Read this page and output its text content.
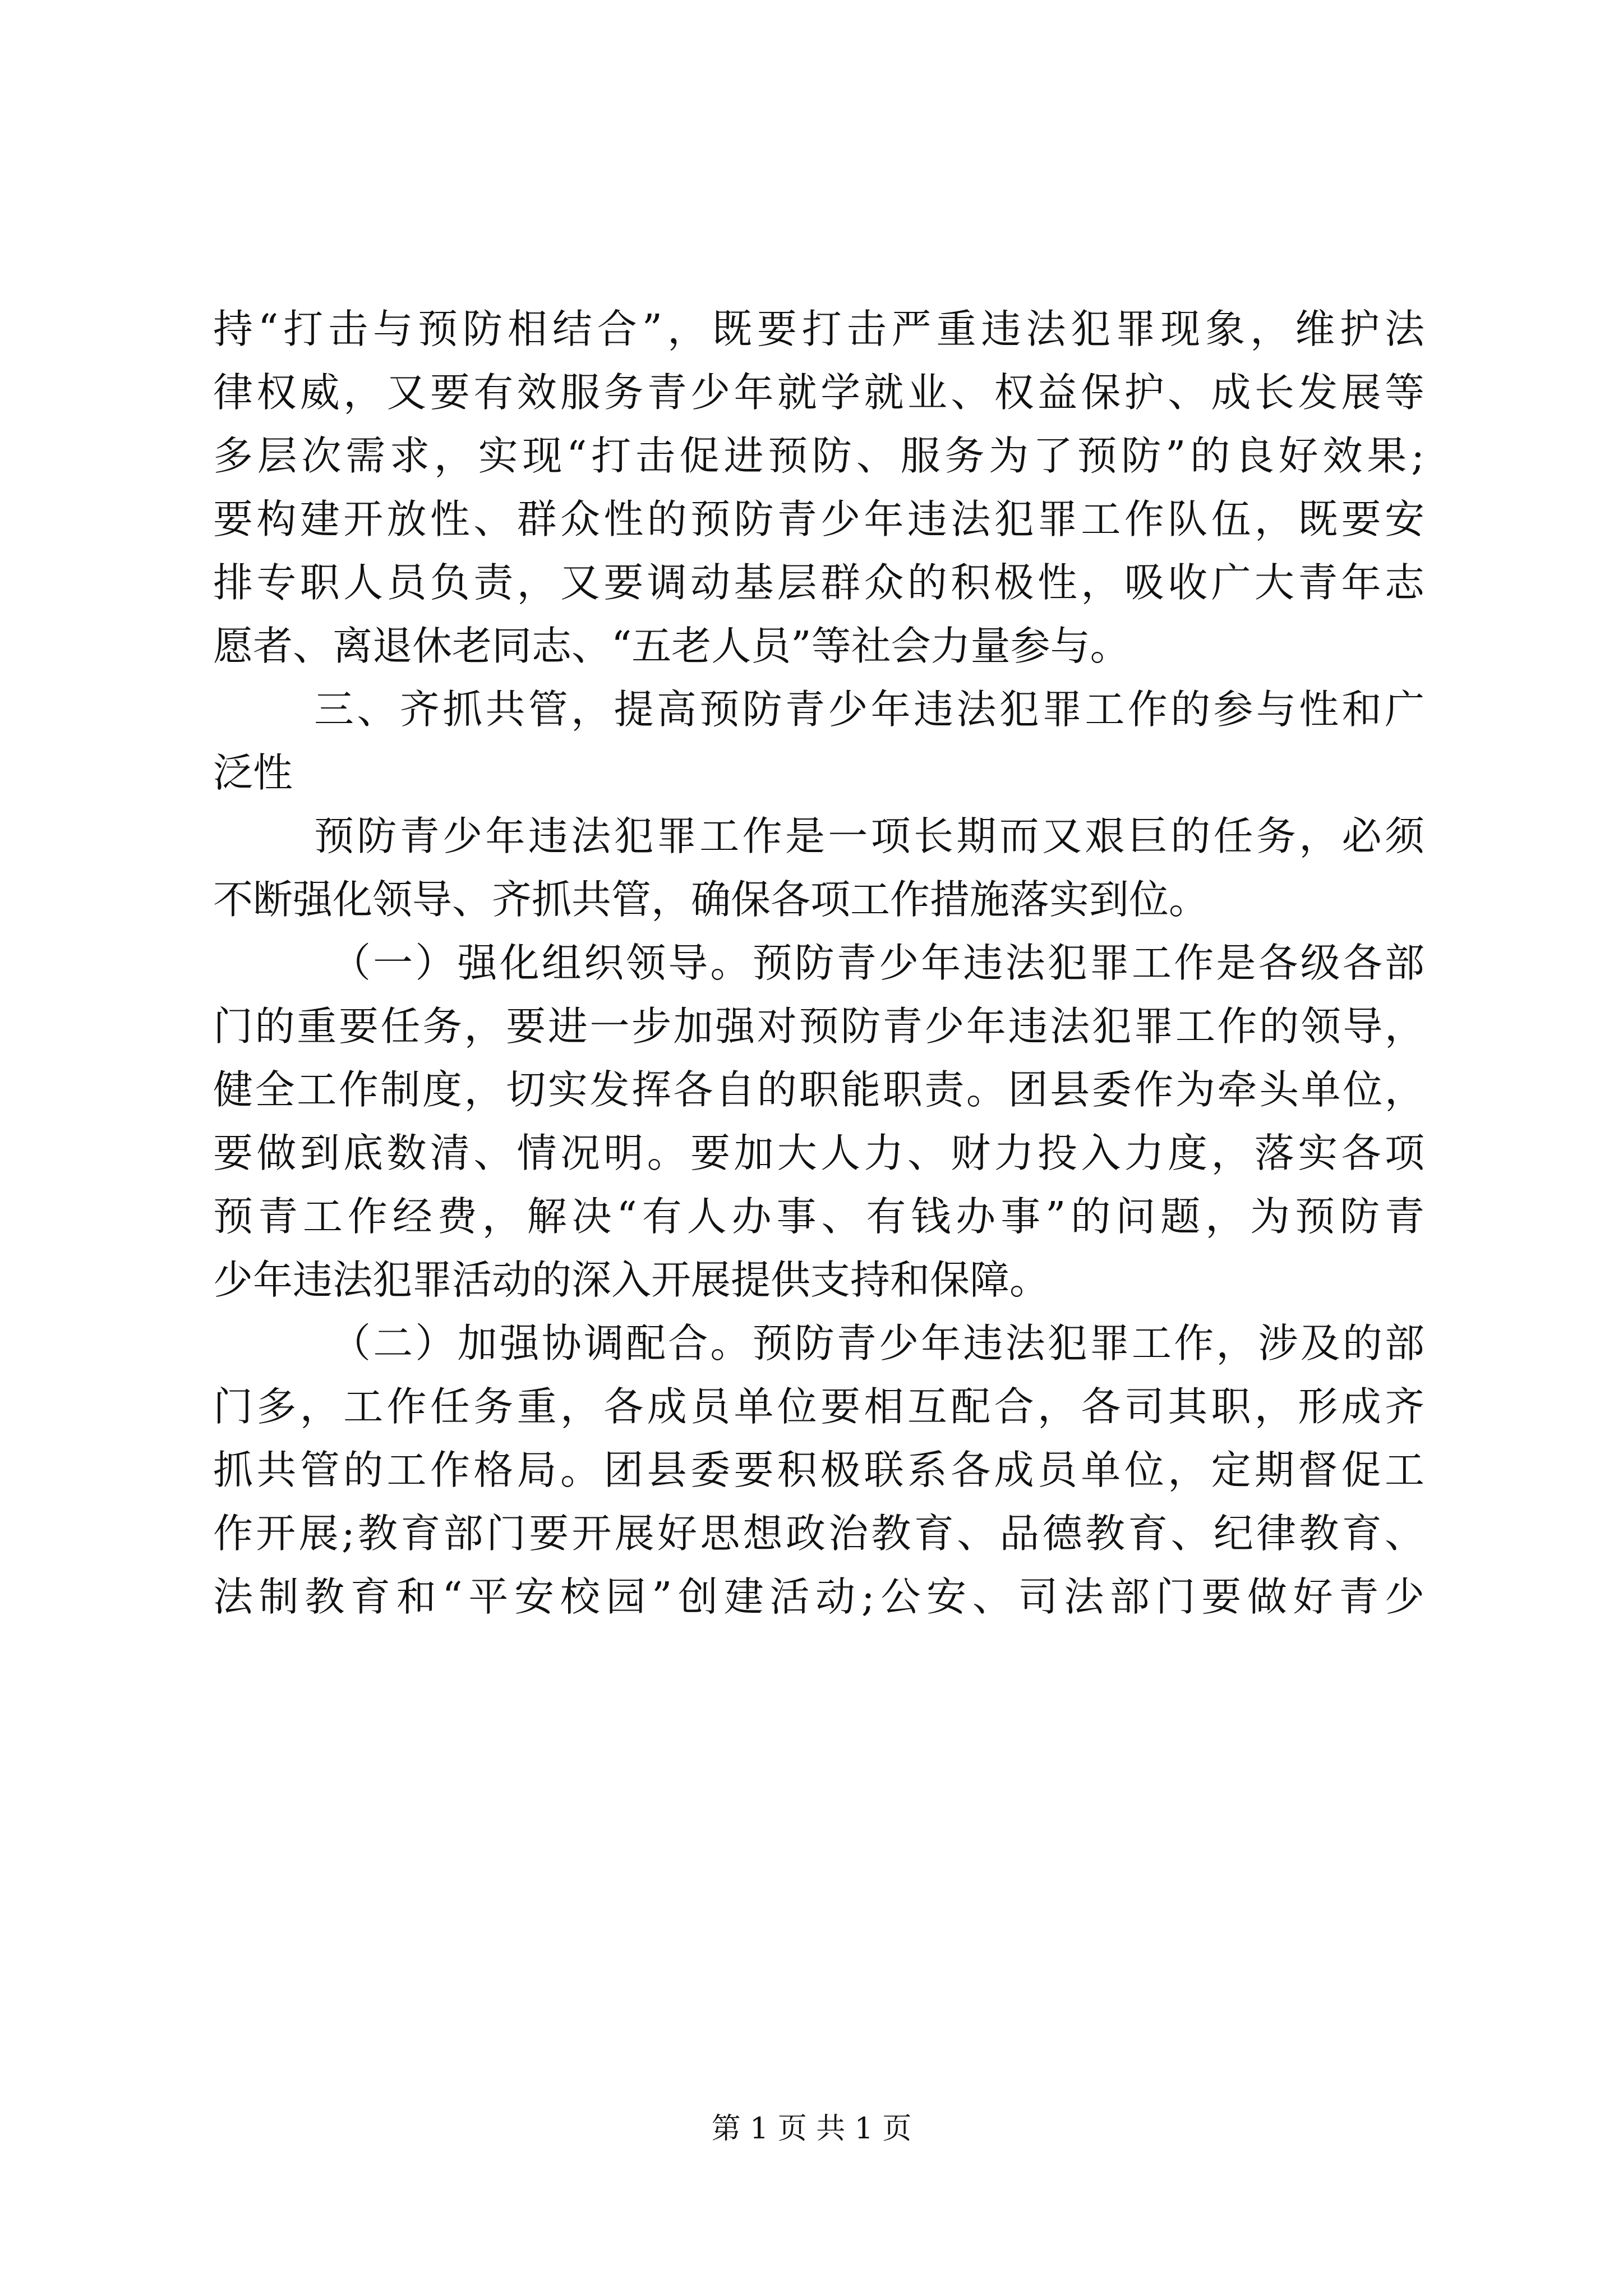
持“打击与预防相结合”，既要打击严重违法犯罪现象，维护法
律权威，又要有效服务青少年就学就业、权益保护、成长发展等
多层次需求，实现“打击促进预防、服务为了预防”的良好效果;
要构建开放性、群众性的预防青少年违法犯罪工作队伍，既要安
排专职人员负责，又要调动基层群众的积极性，吸收广大青年志
愿者、离退休老同志、“五老人员”等社会力量参与。
三、齐抓共管，提高预防青少年违法犯罪工作的参与性和广
泛性
预防青少年违法犯罪工作是一项长期而又艰巨的任务，必须
不断强化领导、齐抓共管，确保各项工作措施落实到位。
（一）强化组织领导。预防青少年违法犯罪工作是各级各部
门的重要任务，要进一步加强对预防青少年违法犯罪工作的领导，
健全工作制度，切实发挥各自的职能职责。团县委作为牵头单位，
要做到底数清、情况明。要加大人力、财力投入力度，落实各项
预青工作经费，解决“有人办事、有钱办事”的问题，为预防青
少年违法犯罪活动的深入开展提供支持和保障。
（二）加强协调配合。预防青少年违法犯罪工作，涉及的部
门多，工作任务重，各成员单位要相互配合，各司其职，形成齐
抓共管的工作格局。团县委要积极联系各成员单位，定期督促工
作开展;教育部门要开展好思想政治教育、品德教育、纪律教育、
法制教育和“平安校园”创建活动;公安、司法部门要做好青少
第 1 页 共 1 页
